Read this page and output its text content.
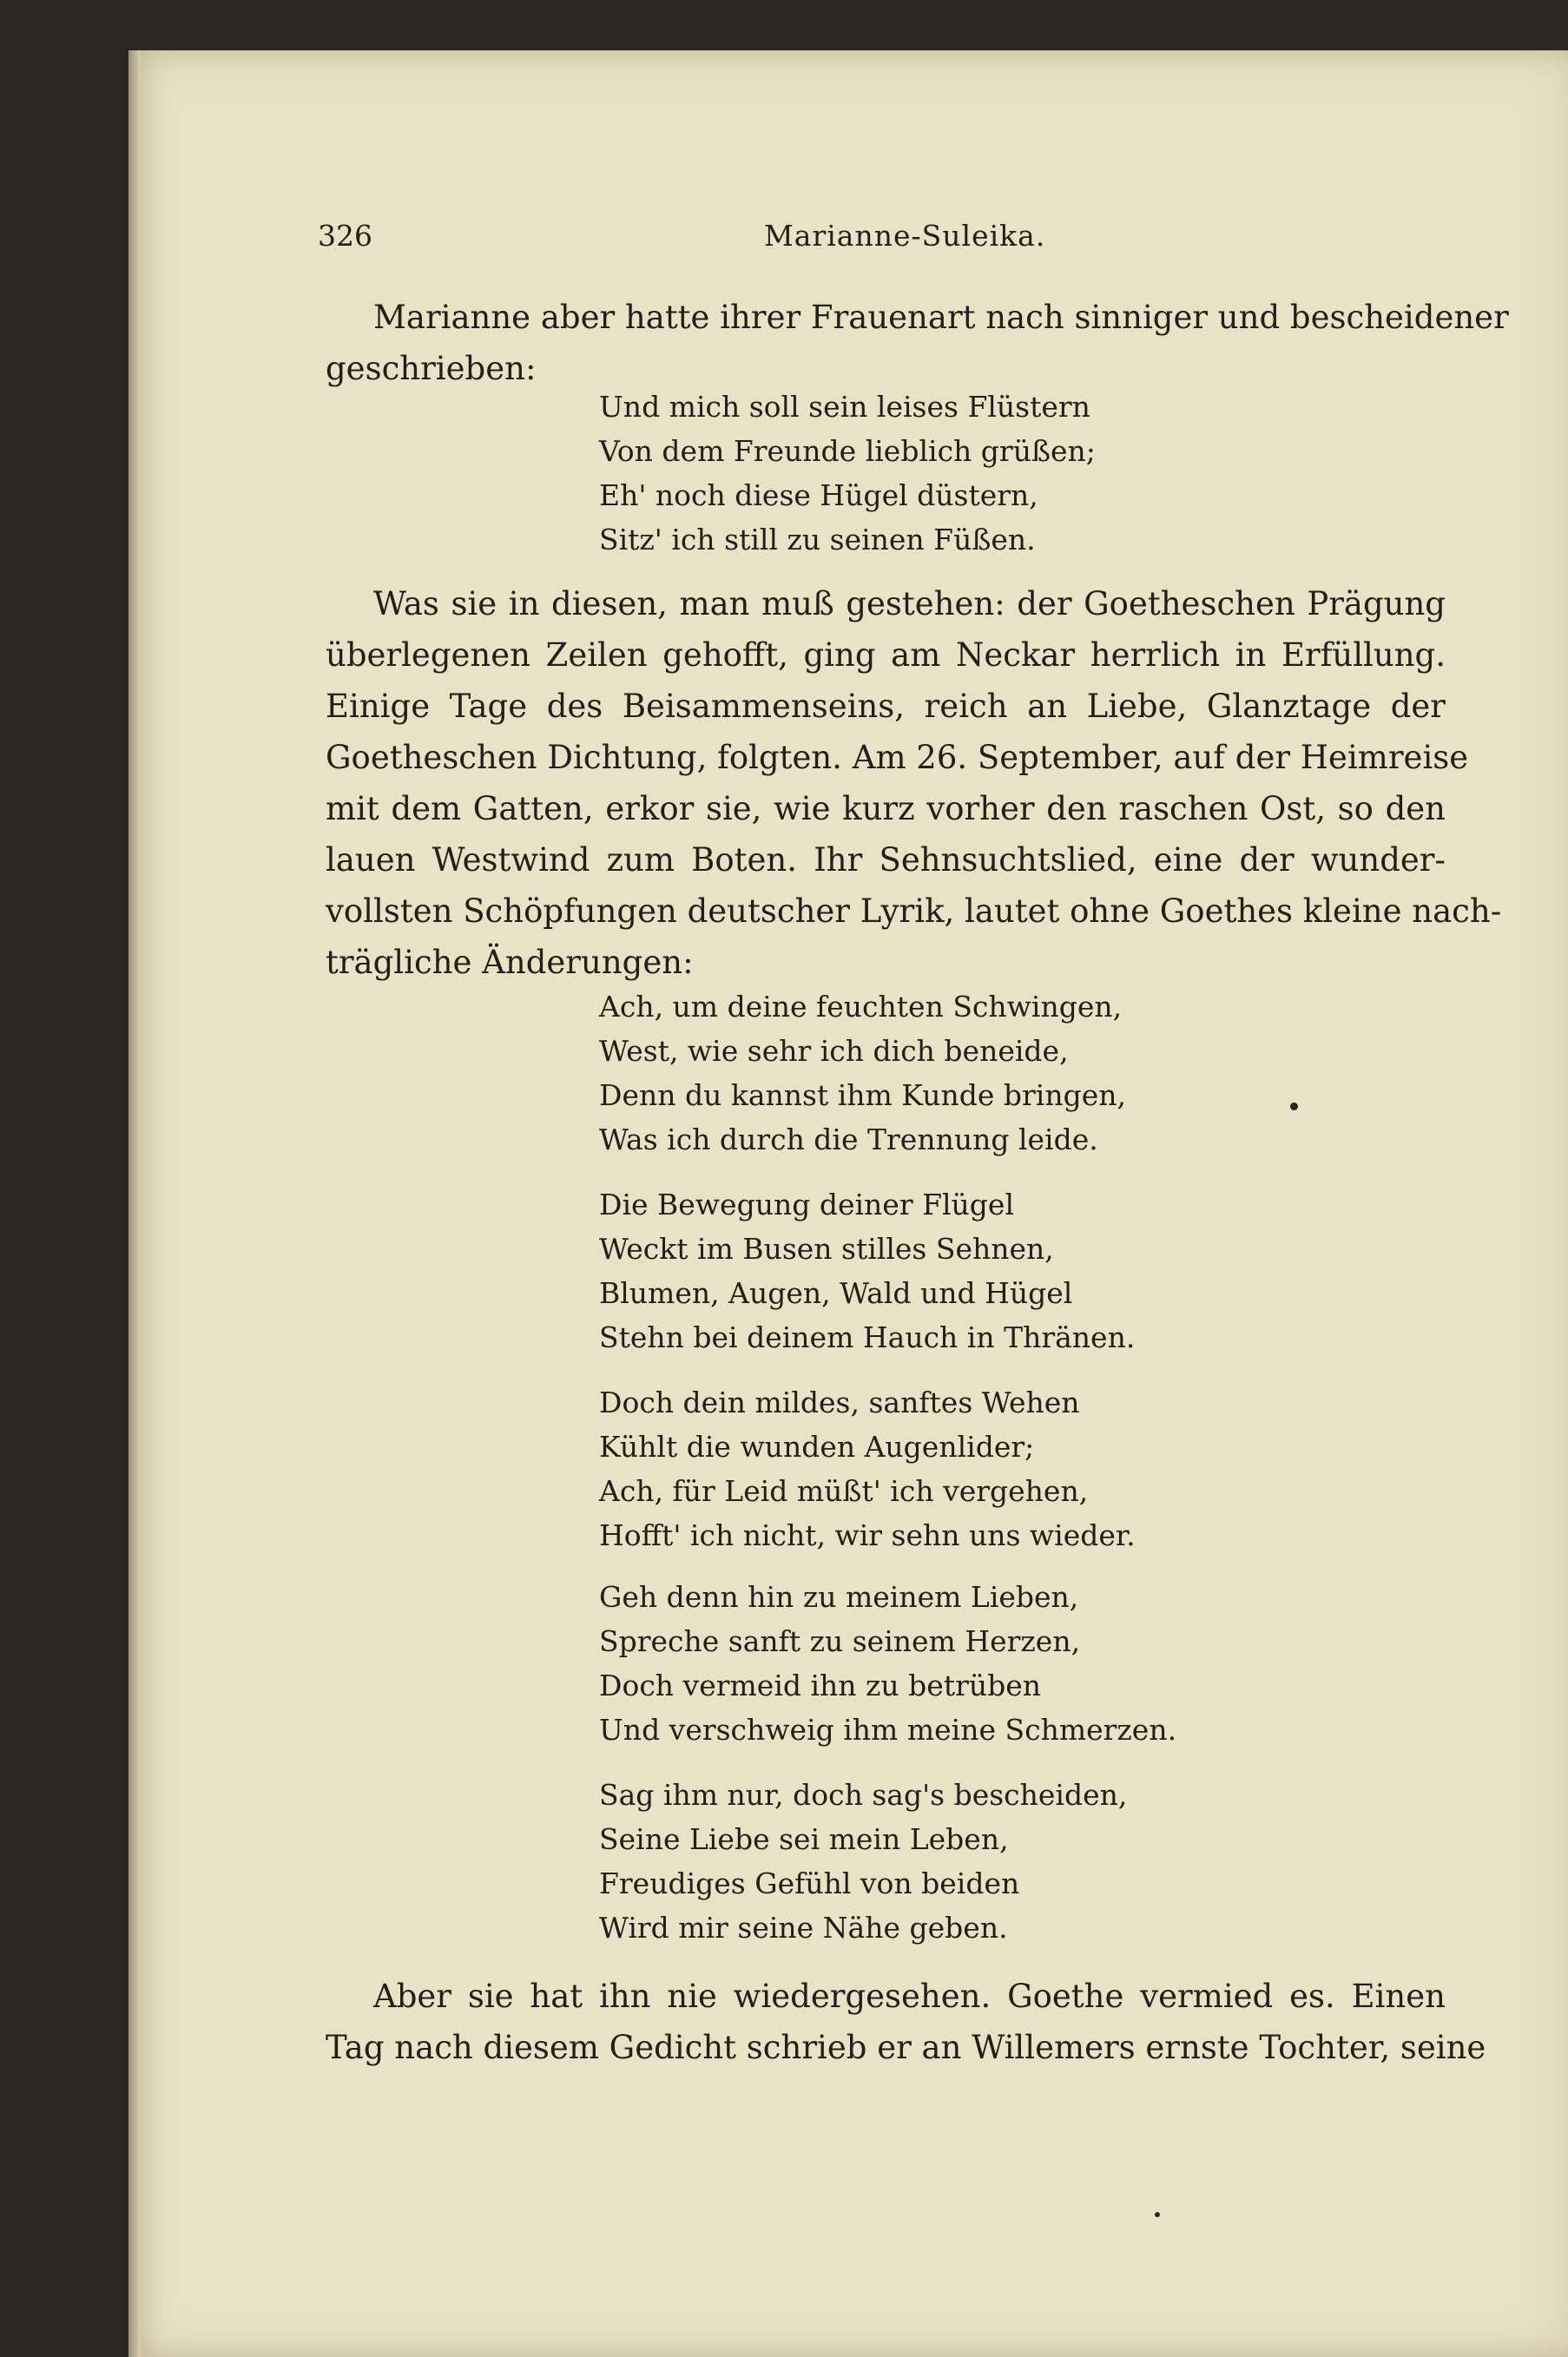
326	Marianne-Suleika.
Marianne aber hatte ihrer Frauenart nach sinniger und bescheidener
geschrieben:
Und mich soll sein leises Flüstern
Von dem Freunde lieblich grüßen;
Eh' noch diese Hügel düstern,
Sitz' ich still zu seinen Füßen.
Was sie in diesen, man muß gestehen: der Goetheschen Prägung
überlegenen Zeilen gehofft, ging am Neckar herrlich in Erfüllung.
Einige Tage des Beisammenseins, reich an Liebe, Glanztage der
Goetheschen Dichtung, folgten. Am 26. September, auf der Heimreise
mit dem Gatten, erkor sie, wie kurz vorher den raschen Ost, so den
lauen Westwind zum Boten. Ihr Sehnsuchtslied, eine der wunder-
vollsten Schöpfungen deutscher Lyrik, lautet ohne Goethes kleine nach-
trägliche Änderungen:
Ach, um deine feuchten Schwingen,
West, wie sehr ich dich beneide,
Denn du kannst ihm Kunde bringen,
Was ich durch die Trennung leide.
Die Bewegung deiner Flügel
Weckt im Busen stilles Sehnen,
Blumen, Augen, Wald und Hügel
Stehn bei deinem Hauch in Thränen.
Doch dein mildes, sanftes Wehen
Kühlt die wunden Augenlider;
Ach, für Leid müßt' ich vergehen,
Hofft' ich nicht, wir sehn uns wieder.
Geh denn hin zu meinem Lieben,
Spreche sanft zu seinem Herzen,
Doch vermeid ihn zu betrüben
Und verschweig ihm meine Schmerzen.
Sag ihm nur, doch sag's bescheiden,
Seine Liebe sei mein Leben,
Freudiges Gefühl von beiden
Wird mir seine Nähe geben.
Aber sie hat ihn nie wiedergesehen. Goethe vermied es. Einen
Tag nach diesem Gedicht schrieb er an Willemers ernste Tochter, seine
